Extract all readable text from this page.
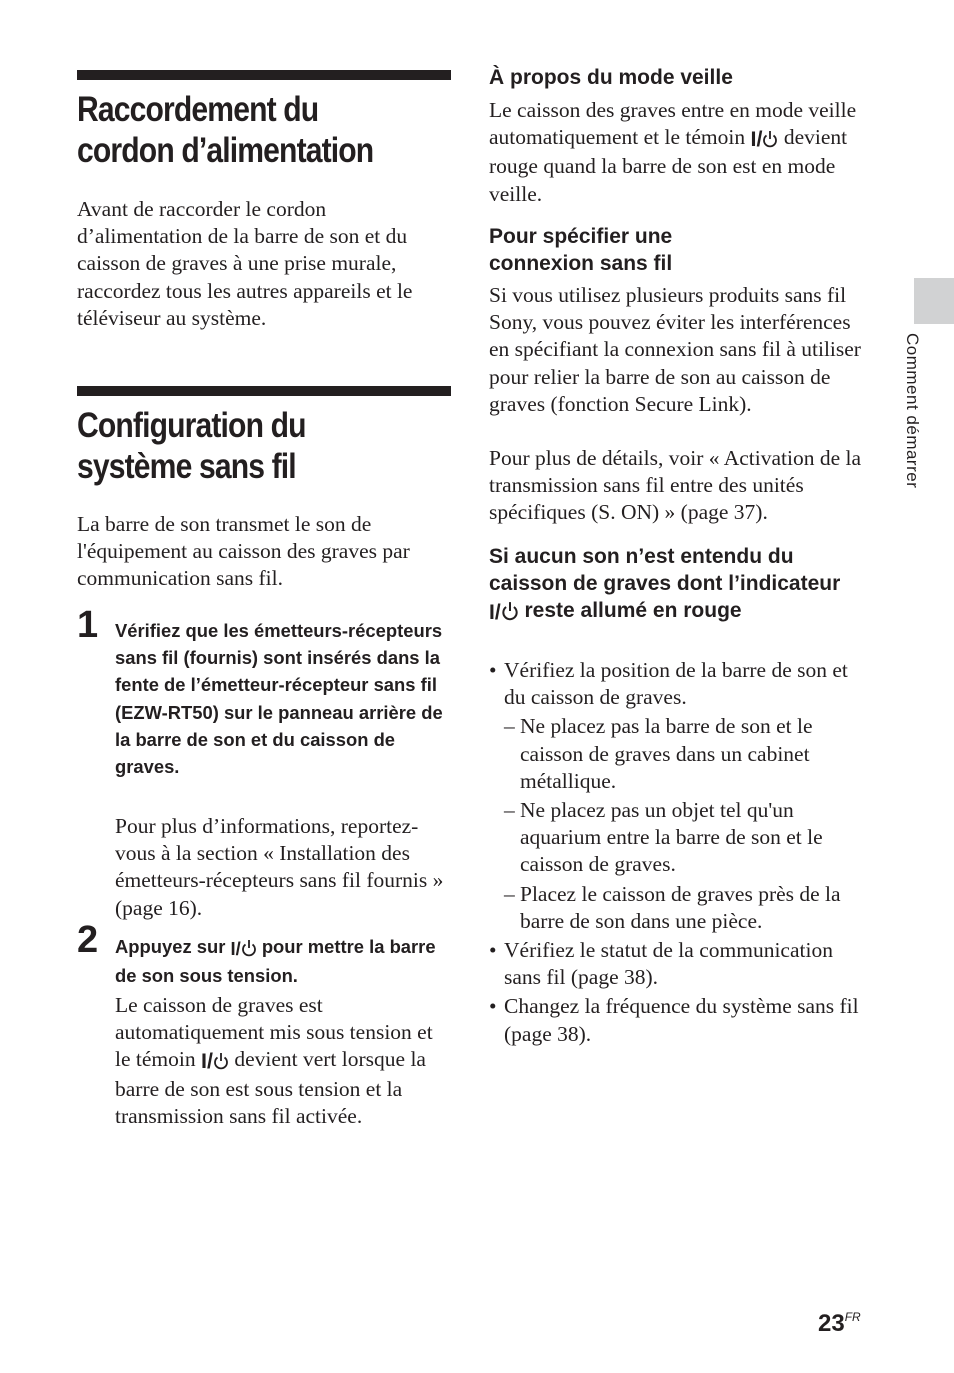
Raccordement du
cordon d’alimentation

Avant de raccorder le cordon d’alimentation de la barre de son et du caisson de graves à une prise murale, raccordez tous les autres appareils et le téléviseur au système.

Configuration du
système sans fil

La barre de son transmet le son de l'équipement au caisson des graves par communication sans fil.

1 Vérifiez que les émetteurs-récepteurs sans fil (fournis) sont insérés dans la fente de l’émetteur-récepteur sans fil (EZW-RT50) sur le panneau arrière de la barre de son et du caisson de graves.

Pour plus d’informations, reportez-vous à la section « Installation des émetteurs-récepteurs sans fil fournis » (page 16).

2 Appuyez sur I/ pour mettre la barre de son sous tension.

Le caisson de graves est automatiquement mis sous tension et le témoin I/ devient vert lorsque la barre de son est sous tension et la transmission sans fil activée.

À propos du mode veille

Le caisson des graves entre en mode veille automatiquement et le témoin I/ devient rouge quand la barre de son est en mode veille.

Pour spécifier une connexion sans fil

Si vous utilisez plusieurs produits sans fil Sony, vous pouvez éviter les interférences en spécifiant la connexion sans fil à utiliser pour relier la barre de son au caisson de graves (fonction Secure Link).

Pour plus de détails, voir « Activation de la transmission sans fil entre des unités spécifiques (S. ON) » (page 37).

Si aucun son n’est entendu du caisson de graves dont l’indicateur I/ reste allumé en rouge
• Vérifiez la position de la barre de son et du caisson de graves.
– Ne placez pas la barre de son et le caisson de graves dans un cabinet métallique.
– Ne placez pas un objet tel qu'un aquarium entre la barre de son et le caisson de graves.
– Placez le caisson de graves près de la barre de son dans une pièce.
• Vérifiez le statut de la communication sans fil (page 38).
• Changez la fréquence du système sans fil (page 38).
Comment démarrer
$23^{FR}$
